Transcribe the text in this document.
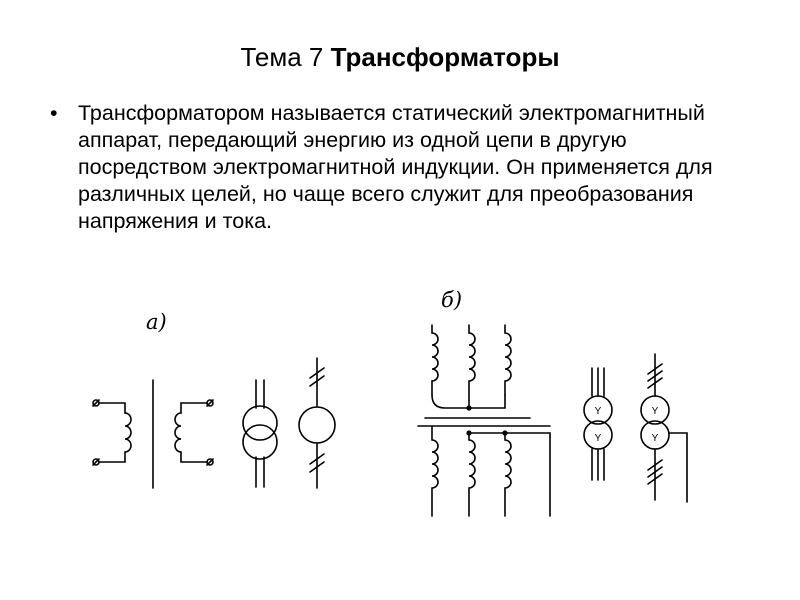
Тема 7 Трансформаторы
• Трансформатором называется статический электромагнитный аппарат, передающий энергию из одной цепи в другую посредством электромагнитной индукции. Он применяется для различных целей, но чаще всего служит для преобразования напряжения и тока.
а)
б)
Y
Y
Y
Y
